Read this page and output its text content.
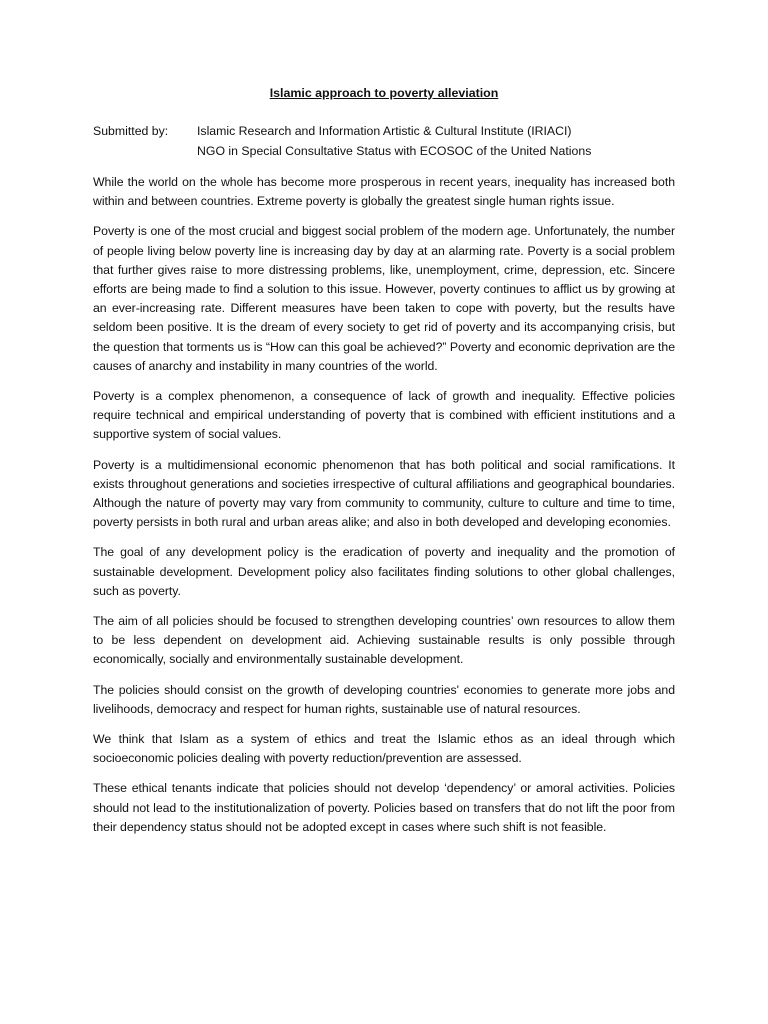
Islamic approach to poverty alleviation
Submitted by:	Islamic Research and Information Artistic & Cultural Institute (IRIACI)
NGO in Special Consultative Status with ECOSOC of the United Nations

While the world on the whole has become more prosperous in recent years, inequality has increased both within and between countries. Extreme poverty is globally the greatest single human rights issue.

Poverty is one of the most crucial and biggest social problem of the modern age. Unfortunately, the number of people living below poverty line is increasing day by day at an alarming rate. Poverty is a social problem that further gives raise to more distressing problems, like, unemployment, crime, depression, etc. Sincere efforts are being made to find a solution to this issue. However, poverty continues to afflict us by growing at an ever-increasing rate. Different measures have been taken to cope with poverty, but the results have seldom been positive. It is the dream of every society to get rid of poverty and its accompanying crisis, but the question that torments us is “How can this goal be achieved?” Poverty and economic deprivation are the causes of anarchy and instability in many countries of the world.

Poverty is a complex phenomenon, a consequence of lack of growth and inequality. Effective policies require technical and empirical understanding of poverty that is combined with efficient institutions and a supportive system of social values.

Poverty is a multidimensional economic phenomenon that has both political and social ramifications. It exists throughout generations and societies irrespective of cultural affiliations and geographical boundaries. Although the nature of poverty may vary from community to community, culture to culture and time to time, poverty persists in both rural and urban areas alike; and also in both developed and developing economies.

The goal of any development policy is the eradication of poverty and inequality and the promotion of sustainable development. Development policy also facilitates finding solutions to other global challenges, such as poverty.

The aim of all policies should be focused to strengthen developing countries’ own resources to allow them to be less dependent on development aid. Achieving sustainable results is only possible through economically, socially and environmentally sustainable development.

The policies should consist on the growth of developing countries' economies to generate more jobs and livelihoods, democracy and respect for human rights, sustainable use of natural resources.

We think that Islam as a system of ethics and treat the Islamic ethos as an ideal through which socioeconomic policies dealing with poverty reduction/prevention are assessed.

These ethical tenants indicate that policies should not develop ‘dependency’ or amoral activities. Policies should not lead to the institutionalization of poverty. Policies based on transfers that do not lift the poor from their dependency status should not be adopted except in cases where such shift is not feasible.
